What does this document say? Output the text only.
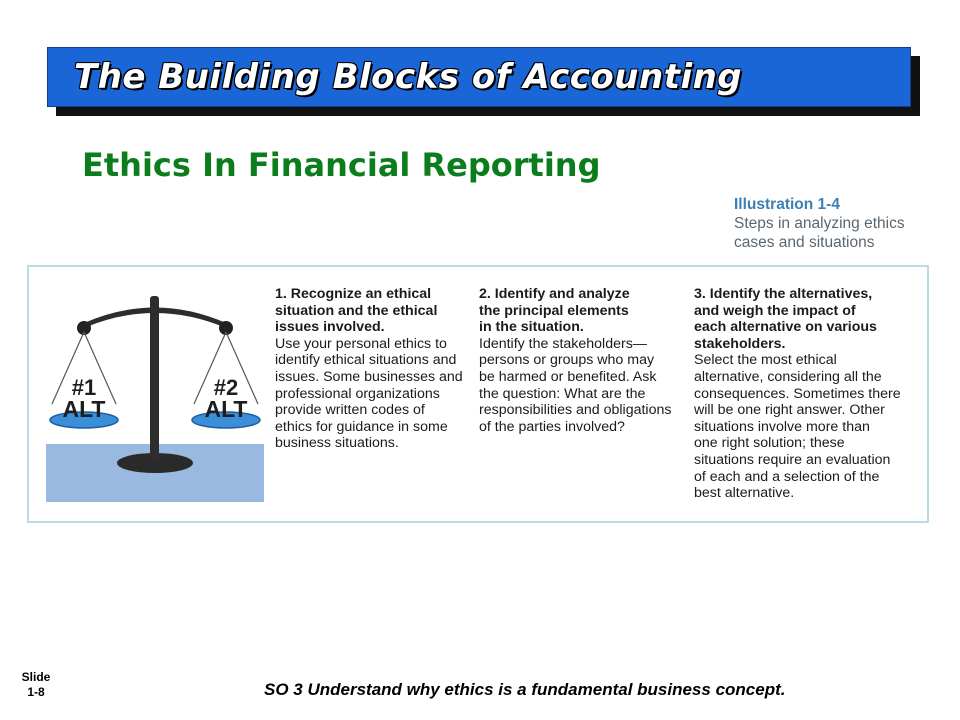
The Building Blocks of Accounting
Ethics In Financial Reporting
Illustration 1-4
Steps in analyzing ethics
cases and situations
#1
ALT
#2
ALT
1. Recognize an ethical
situation and the ethical
issues involved.
Use your personal ethics to
identify ethical situations and
issues. Some businesses and
professional organizations
provide written codes of
ethics for guidance in some
business situations.
2. Identify and analyze
the principal elements
in the situation.
Identify the stakeholders—
persons or groups who may
be harmed or benefited. Ask
the question: What are the
responsibilities and obligations
of the parties involved?
3. Identify the alternatives,
and weigh the impact of
each alternative on various
stakeholders.
Select the most ethical
alternative, considering all the
consequences. Sometimes there
will be one right answer. Other
situations involve more than
one right solution; these
situations require an evaluation
of each and a selection of the
best alternative.
Slide
1-8	SO 3 Understand why ethics is a fundamental business concept.
